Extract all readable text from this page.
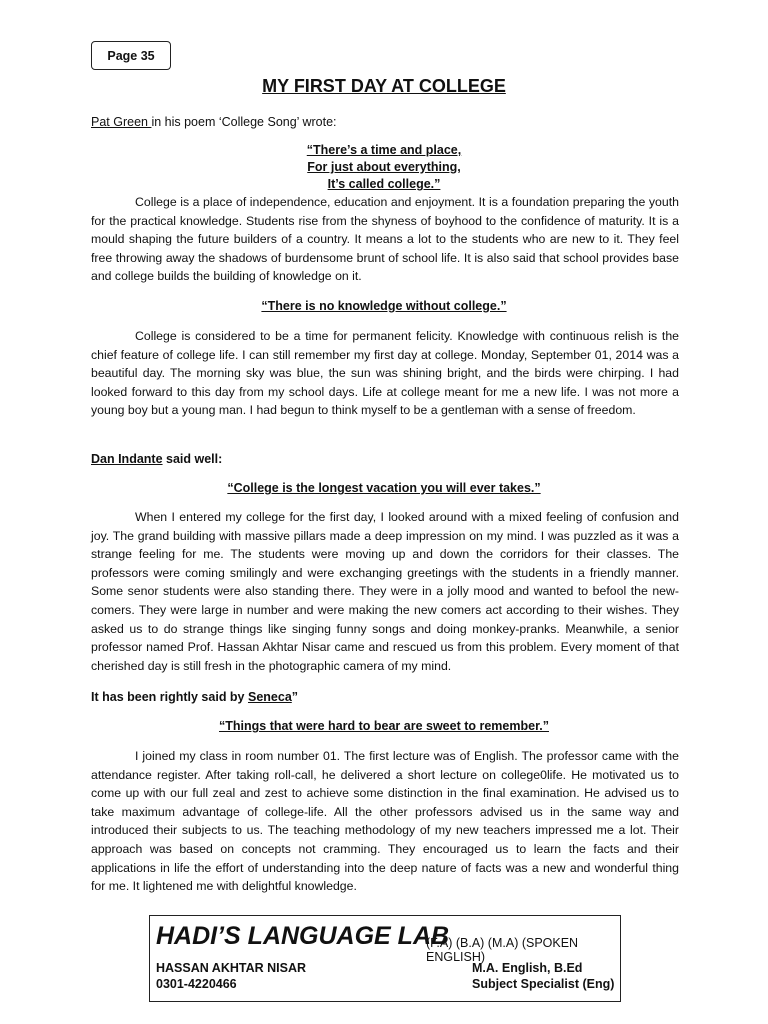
Page 35
MY FIRST DAY AT COLLEGE
Pat Green in his poem ‘College Song’ wrote:
“There’s a time and place,
For just about everything,
It’s called college.”

College is a place of independence, education and enjoyment. It is a foundation preparing the youth for the practical knowledge. Students rise from the shyness of boyhood to the confidence of maturity. It is a mould shaping the future builders of a country. It means a lot to the students who are new to it. They feel free throwing away the shadows of burdensome brunt of school life. It is also said that school provides base and college builds the building of knowledge on it.

“There is no knowledge without college.”

College is considered to be a time for permanent felicity. Knowledge with continuous relish is the chief feature of college life. I can still remember my first day at college. Monday, September 01, 2014 was a beautiful day. The morning sky was blue, the sun was shining bright, and the birds were chirping. I had looked forward to this day from my school days. Life at college meant for me a new life. I was not more a young boy but a young man. I had begun to think myself to be a gentleman with a sense of freedom.

Dan Indante said well:
“College is the longest vacation you will ever takes.”

When I entered my college for the first day, I looked around with a mixed feeling of confusion and joy. The grand building with massive pillars made a deep impression on my mind. I was puzzled as it was a strange feeling for me. The students were moving up and down the corridors for their classes. The professors were coming smilingly and were exchanging greetings with the students in a friendly manner. Some senor students were also standing there. They were in a jolly mood and wanted to befool the new-comers. They were large in number and were making the new comers act according to their wishes. They asked us to do strange things like singing funny songs and doing monkey-pranks. Meanwhile, a senior professor named Prof. Hassan Akhtar Nisar came and rescued us from this problem. Every moment of that cherished day is still fresh in the photographic camera of my mind.

It has been rightly said by Seneca”
“Things that were hard to bear are sweet to remember.”

I joined my class in room number 01. The first lecture was of English. The professor came with the attendance register. After taking roll-call, he delivered a short lecture on college0life. He motivated us to come up with our full zeal and zest to achieve some distinction in the final examination. He advised us to take maximum advantage of college-life. All the other professors advised us in the same way and introduced their subjects to us. The teaching methodology of my new teachers impressed me a lot. Their approach was based on concepts not cramming. They encouraged us to learn the facts and their applications in life the effort of understanding into the deep nature of facts was a new and wonderful thing for me. It lightened me with delightful knowledge.

HADI’S LANGUAGE LAB
(F.A) (B.A) (M.A) (SPOKEN ENGLISH)
HASSAN AKHTAR NISAR
0301-4220466
M.A. English, B.Ed
Subject Specialist (Eng)
